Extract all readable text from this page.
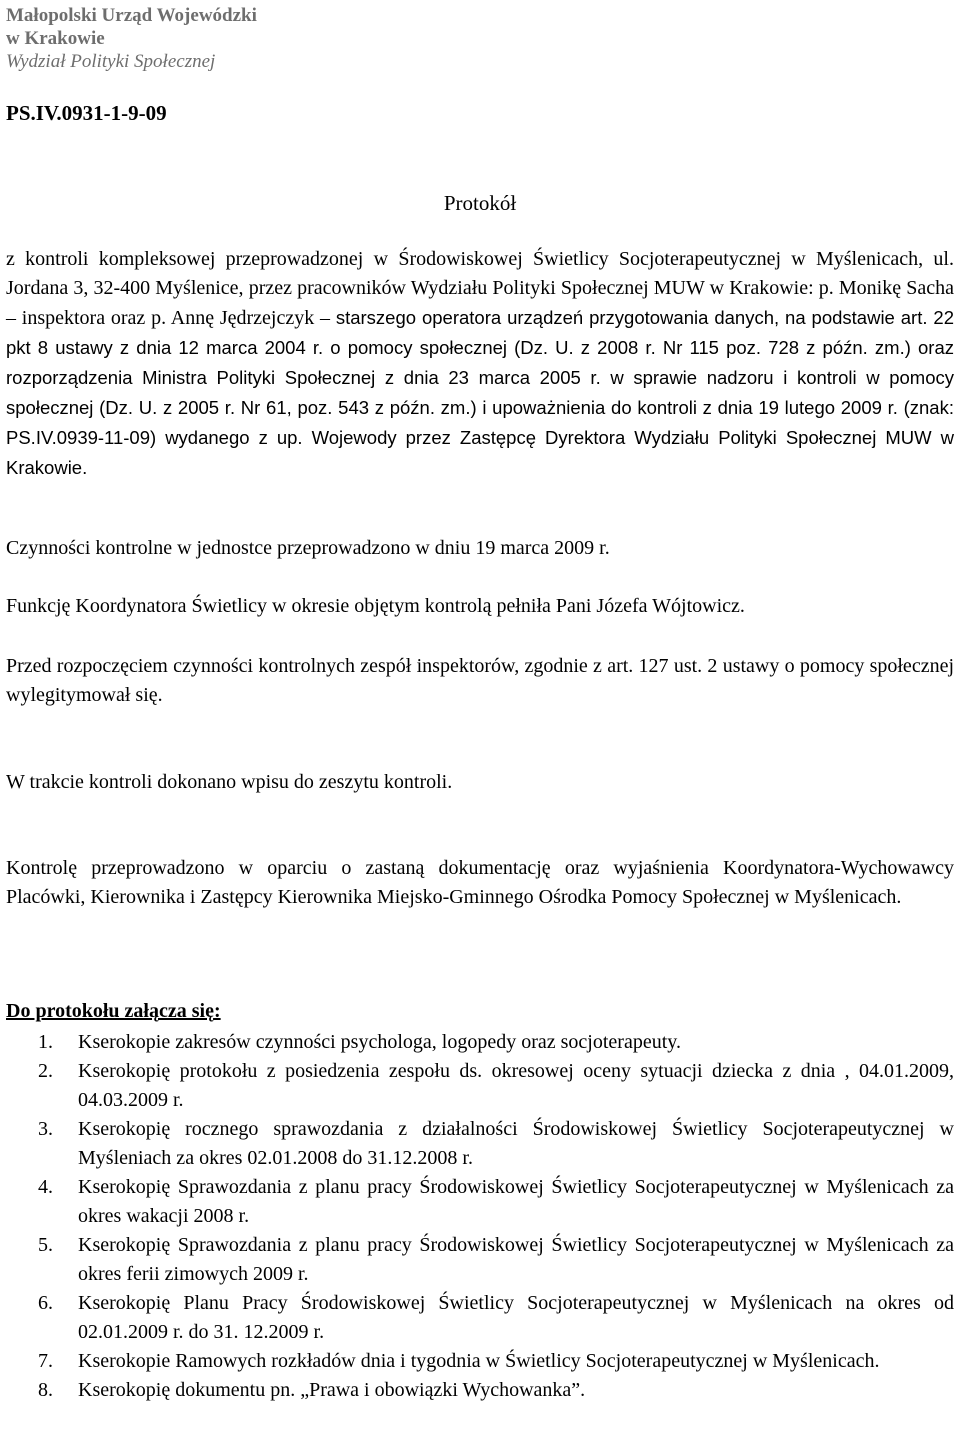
Małopolski Urząd Wojewódzki
w Krakowie
Wydział Polityki Społecznej
PS.IV.0931-1-9-09
Protokół
z kontroli kompleksowej przeprowadzonej w Środowiskowej Świetlicy Socjoterapeutycznej w Myślenicach, ul. Jordana 3, 32-400 Myślenice, przez pracowników Wydziału Polityki Społecznej MUW w Krakowie: p. Monikę Sacha – inspektora oraz p. Annę Jędrzejczyk – starszego operatora urządzeń przygotowania danych, na podstawie art. 22 pkt 8 ustawy z dnia 12 marca 2004 r. o pomocy społecznej (Dz. U. z 2008 r. Nr 115 poz. 728 z późn. zm.) oraz rozporządzenia Ministra Polityki Społecznej z dnia 23 marca 2005 r. w sprawie nadzoru i kontroli w pomocy społecznej (Dz. U. z 2005 r. Nr 61, poz. 543 z późn. zm.) i upoważnienia do kontroli z dnia 19 lutego 2009 r. (znak: PS.IV.0939-11-09) wydanego z up. Wojewody przez Zastępcę Dyrektora Wydziału Polityki Społecznej MUW w Krakowie.
Czynności kontrolne w jednostce przeprowadzono w dniu 19 marca 2009 r.
Funkcję Koordynatora Świetlicy w okresie objętym kontrolą pełniła Pani Józefa Wójtowicz.
Przed rozpoczęciem czynności kontrolnych zespół inspektorów, zgodnie z art. 127 ust. 2 ustawy o pomocy społecznej wylegitymował się.
W trakcie kontroli dokonano wpisu do zeszytu kontroli.
Kontrolę przeprowadzono w oparciu o zastaną dokumentację oraz wyjaśnienia Koordynatora-Wychowawcy Placówki, Kierownika i Zastępcy Kierownika Miejsko-Gminnego Ośrodka Pomocy Społecznej w Myślenicach.
Do protokołu załącza się:
1. Kserokopie zakresów czynności psychologa, logopedy oraz socjoterapeuty.
2. Kserokopię protokołu z posiedzenia zespołu ds. okresowej oceny sytuacji dziecka z dnia , 04.01.2009, 04.03.2009 r.
3. Kserokopię rocznego sprawozdania z działalności Środowiskowej Świetlicy Socjoterapeutycznej w Myśleniach za okres 02.01.2008 do 31.12.2008 r.
4. Kserokopię Sprawozdania z planu pracy Środowiskowej Świetlicy Socjoterapeutycznej w Myślenicach za okres wakacji 2008 r.
5. Kserokopię Sprawozdania z planu pracy Środowiskowej Świetlicy Socjoterapeutycznej w Myślenicach za okres ferii zimowych 2009 r.
6. Kserokopię Planu Pracy Środowiskowej Świetlicy Socjoterapeutycznej w Myślenicach na okres od 02.01.2009 r. do 31. 12.2009 r.
7. Kserokopie Ramowych rozkładów dnia i tygodnia w Świetlicy Socjoterapeutycznej w Myślenicach.
8. Kserokopię dokumentu pn. „Prawa i obowiązki Wychowanka”.
